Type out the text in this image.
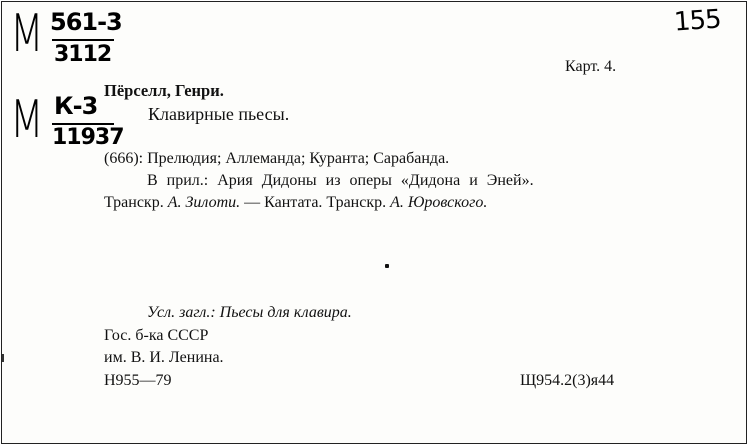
М 561-3
3112
М К-3
11937
155
Карт. 4.
Пёрселл, Генри.
Клавирные пьесы.
(666): Прелюдия; Аллеманда; Куранта; Сарабанда.
В прил.: Ария Дидоны из оперы «Дидона и Эней».
Транскр. А. Зилоти. — Кантата. Транскр. А. Юровского.
Усл. загл.: Пьесы для клавира.
Гос. б-ка СССР
им. В. И. Ленина.
Н955—79	Щ954.2(3)я44
